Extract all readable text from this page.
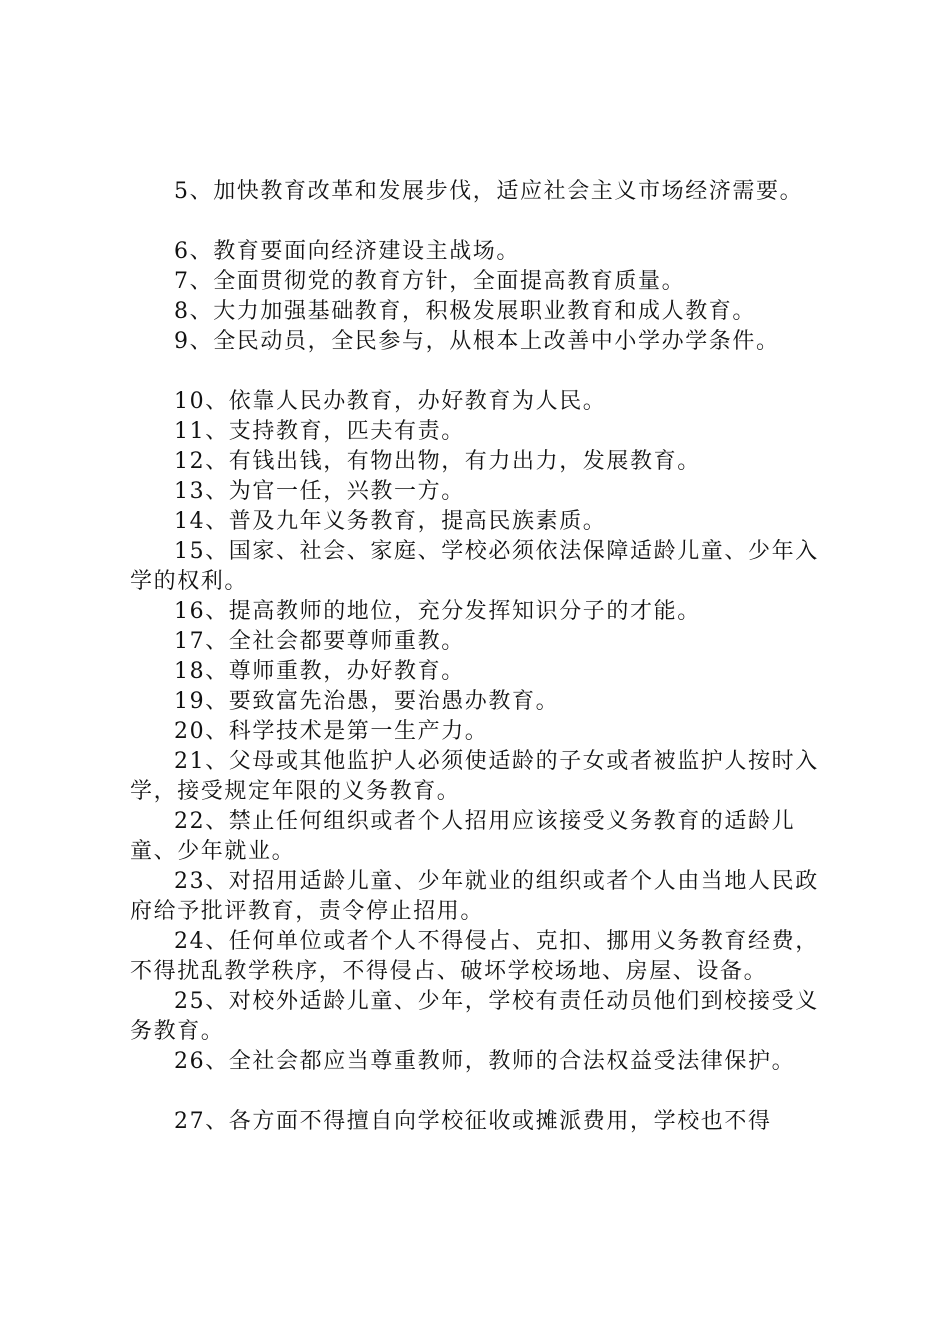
5、加快教育改革和发展步伐，适应社会主义市场经济需要。

6、教育要面向经济建设主战场。

7、全面贯彻党的教育方针，全面提高教育质量。

8、大力加强基础教育，积极发展职业教育和成人教育。

9、全民动员，全民参与，从根本上改善中小学办学条件。

10、依靠人民办教育，办好教育为人民。

11、支持教育，匹夫有责。

12、有钱出钱，有物出物，有力出力，发展教育。

13、为官一任，兴教一方。

14、普及九年义务教育，提高民族素质。

15、国家、社会、家庭、学校必须依法保障适龄儿童、少年入学的权利。

16、提高教师的地位，充分发挥知识分子的才能。

17、全社会都要尊师重教。

18、尊师重教，办好教育。

19、要致富先治愚，要治愚办教育。

20、科学技术是第一生产力。

21、父母或其他监护人必须使适龄的子女或者被监护人按时入学，接受规定年限的义务教育。

22、禁止任何组织或者个人招用应该接受义务教育的适龄儿童、少年就业。

23、对招用适龄儿童、少年就业的组织或者个人由当地人民政府给予批评教育，责令停止招用。

24、任何单位或者个人不得侵占、克扣、挪用义务教育经费，不得扰乱教学秩序，不得侵占、破坏学校场地、房屋、设备。

25、对校外适龄儿童、少年，学校有责任动员他们到校接受义务教育。

26、全社会都应当尊重教师，教师的合法权益受法律保护。

27、各方面不得擅自向学校征收或摊派费用，学校也不得
